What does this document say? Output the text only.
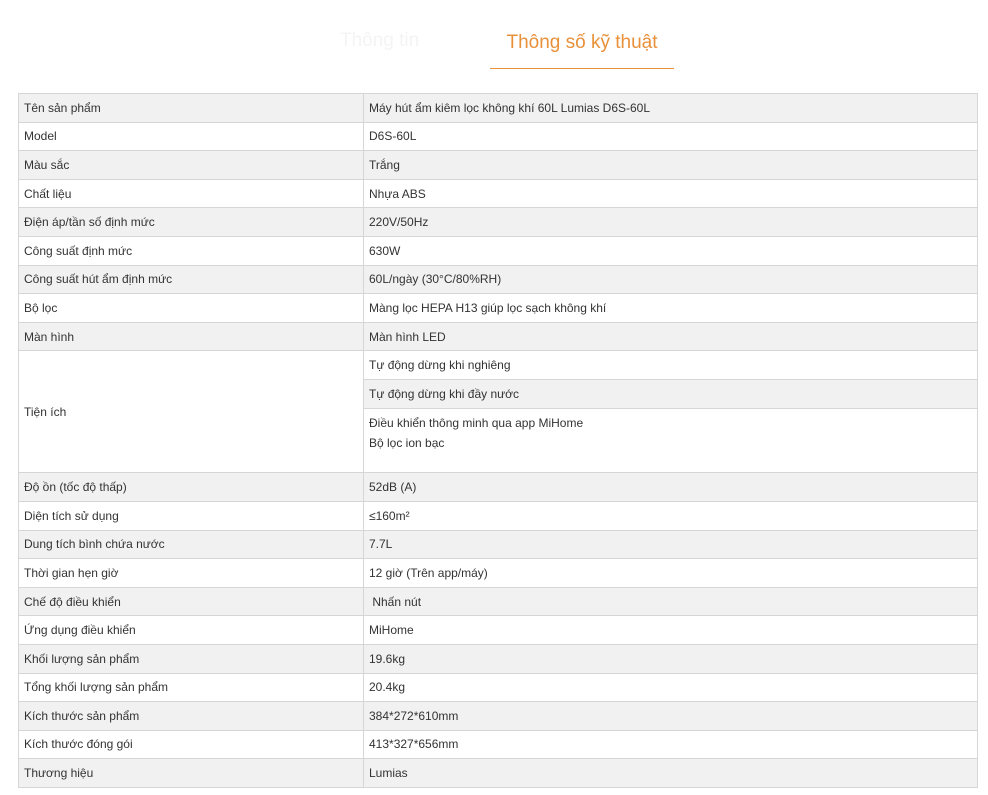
Thông tin	Thông số kỹ thuật
Tên sản phẩm	Máy hút ẩm kiêm lọc không khí 60L Lumias D6S-60L
Model	D6S-60L
Màu sắc	Trắng
Chất liệu	Nhựa ABS
Điện áp/tần số định mức	220V/50Hz
Công suất định mức	630W
Công suất hút ẩm định mức	60L/ngày (30°C/80%RH)
Bộ lọc	Màng lọc HEPA H13 giúp lọc sạch không khí
Màn hình	Màn hình LED
Tiện ích	Tự động dừng khi nghiêng
Tự động dừng khi đầy nước
Điều khiển thông minh qua app MiHome
Bộ lọc ion bạc

Độ ồn (tốc độ thấp)	52dB (A)
Diện tích sử dụng	≤160m²
Dung tích bình chứa nước	7.7L
Thời gian hẹn giờ	12 giờ (Trên app/máy)
Chế độ điều khiển	Nhấn nút
Ứng dụng điều khiển	MiHome
Khối lượng sản phẩm	19.6kg
Tổng khối lượng sản phẩm	20.4kg
Kích thước sản phẩm	384*272*610mm
Kích thước đóng gói	413*327*656mm
Thương hiệu	Lumias
